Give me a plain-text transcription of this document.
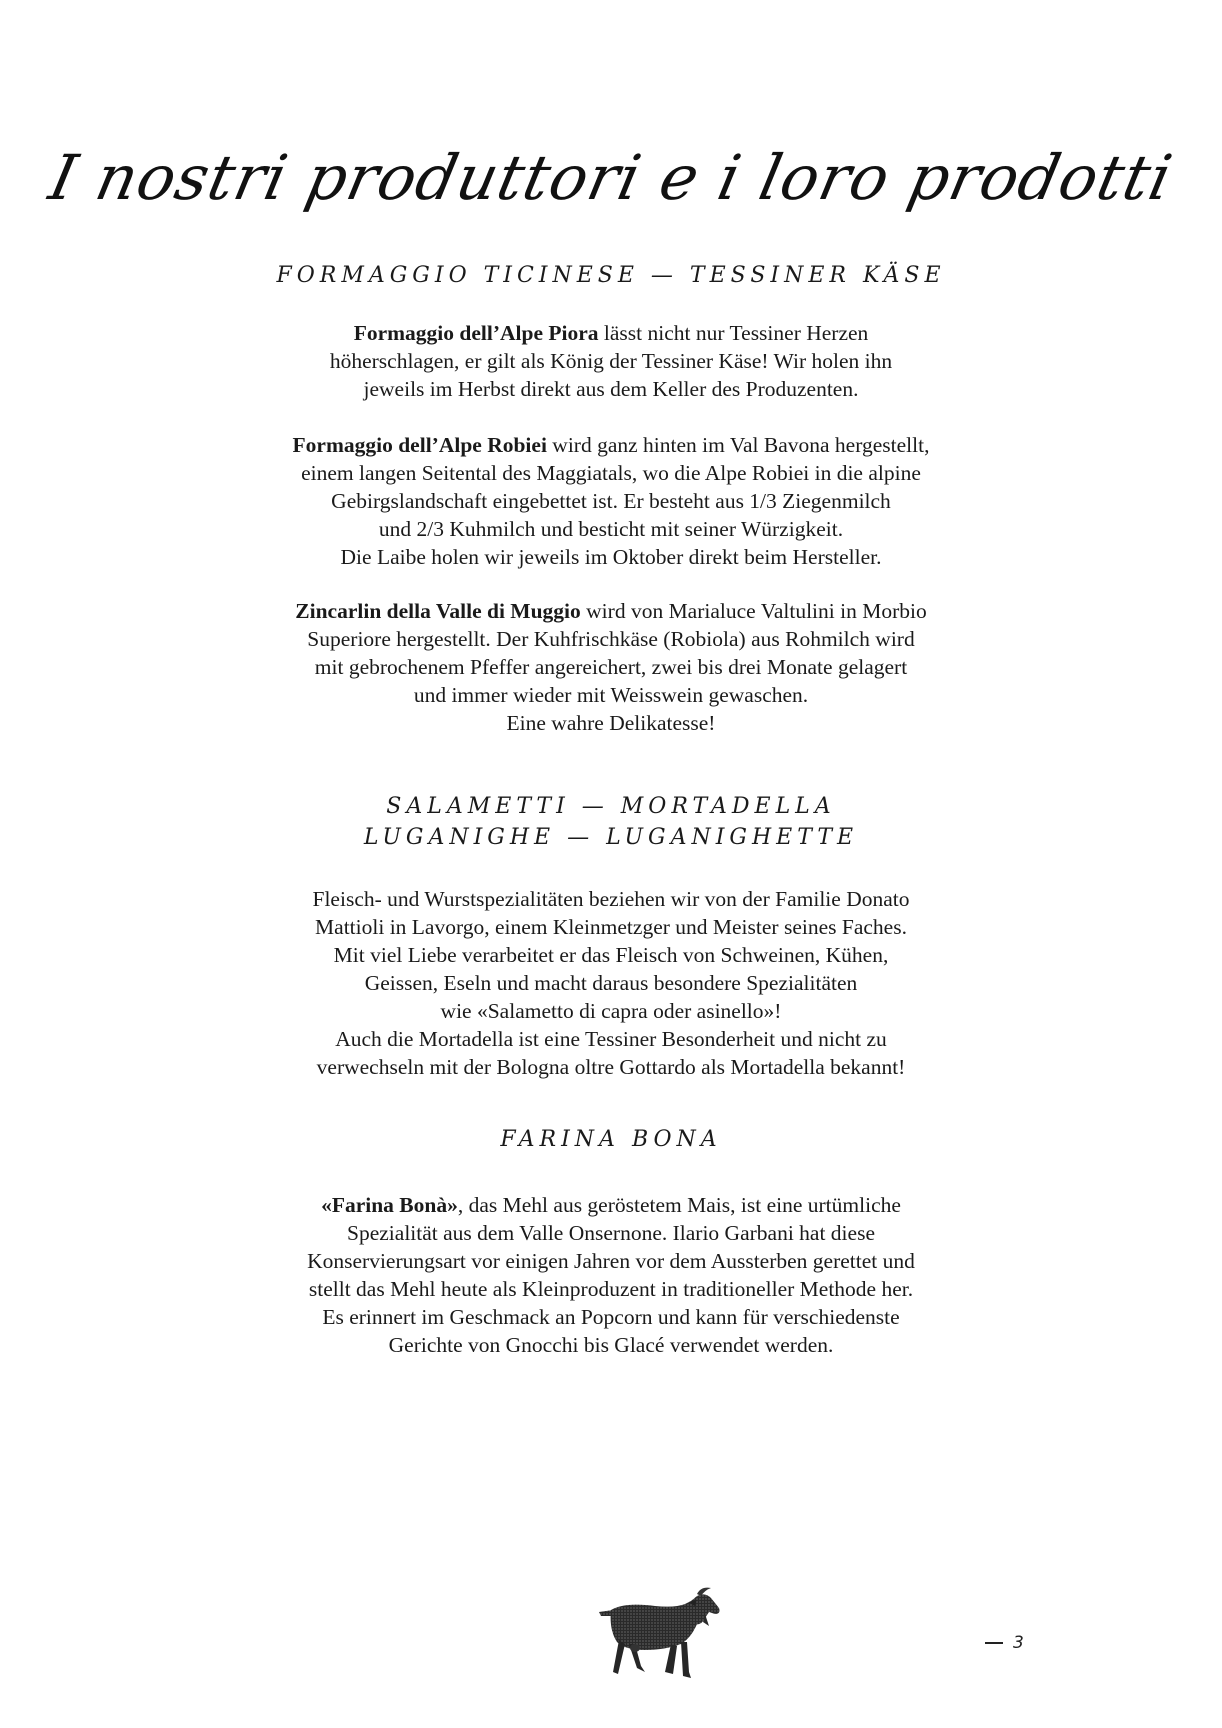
I nostri produttori e i loro prodotti
FORMAGGIO TICINESE — TESSINER KÄSE
Formaggio dell’Alpe Piora lässt nicht nur Tessiner Herzen
höherschlagen, er gilt als König der Tessiner Käse! Wir holen ihn
jeweils im Herbst direkt aus dem Keller des Produzenten.
Formaggio dell’Alpe Robiei wird ganz hinten im Val Bavona hergestellt,
einem langen Seitental des Maggiatals, wo die Alpe Robiei in die alpine
Gebirgslandschaft eingebettet ist. Er besteht aus 1/3 Ziegenmilch
und 2/3 Kuhmilch und besticht mit seiner Würzigkeit.
Die Laibe holen wir jeweils im Oktober direkt beim Hersteller.
Zincarlin della Valle di Muggio wird von Marialuce Valtulini in Morbio
Superiore hergestellt. Der Kuhfrischkäse (Robiola) aus Rohmilch wird
mit gebrochenem Pfeffer angereichert, zwei bis drei Monate gelagert
und immer wieder mit Weisswein gewaschen.
Eine wahre Delikatesse!
SALAMETTI — MORTADELLA
LUGANIGHE — LUGANIGHETTE
Fleisch- und Wurstspezialitäten beziehen wir von der Familie Donato
Mattioli in Lavorgo, einem Kleinmetzger und Meister seines Faches.
Mit viel Liebe verarbeitet er das Fleisch von Schweinen, Kühen,
Geissen, Eseln und macht daraus besondere Spezialitäten
wie «Salametto di capra oder asinello»!
Auch die Mortadella ist eine Tessiner Besonderheit und nicht zu
verwechseln mit der Bologna oltre Gottardo als Mortadella bekannt!
FARINA BONA
«Farina Bonà», das Mehl aus geröstetem Mais, ist eine urtümliche
Spezialität aus dem Valle Onsernone. Ilario Garbani hat diese
Konservierungsart vor einigen Jahren vor dem Aussterben gerettet und
stellt das Mehl heute als Kleinproduzent in traditioneller Methode her.
Es erinnert im Geschmack an Popcorn und kann für verschiedenste
Gerichte von Gnocchi bis Glacé verwendet werden.
3
